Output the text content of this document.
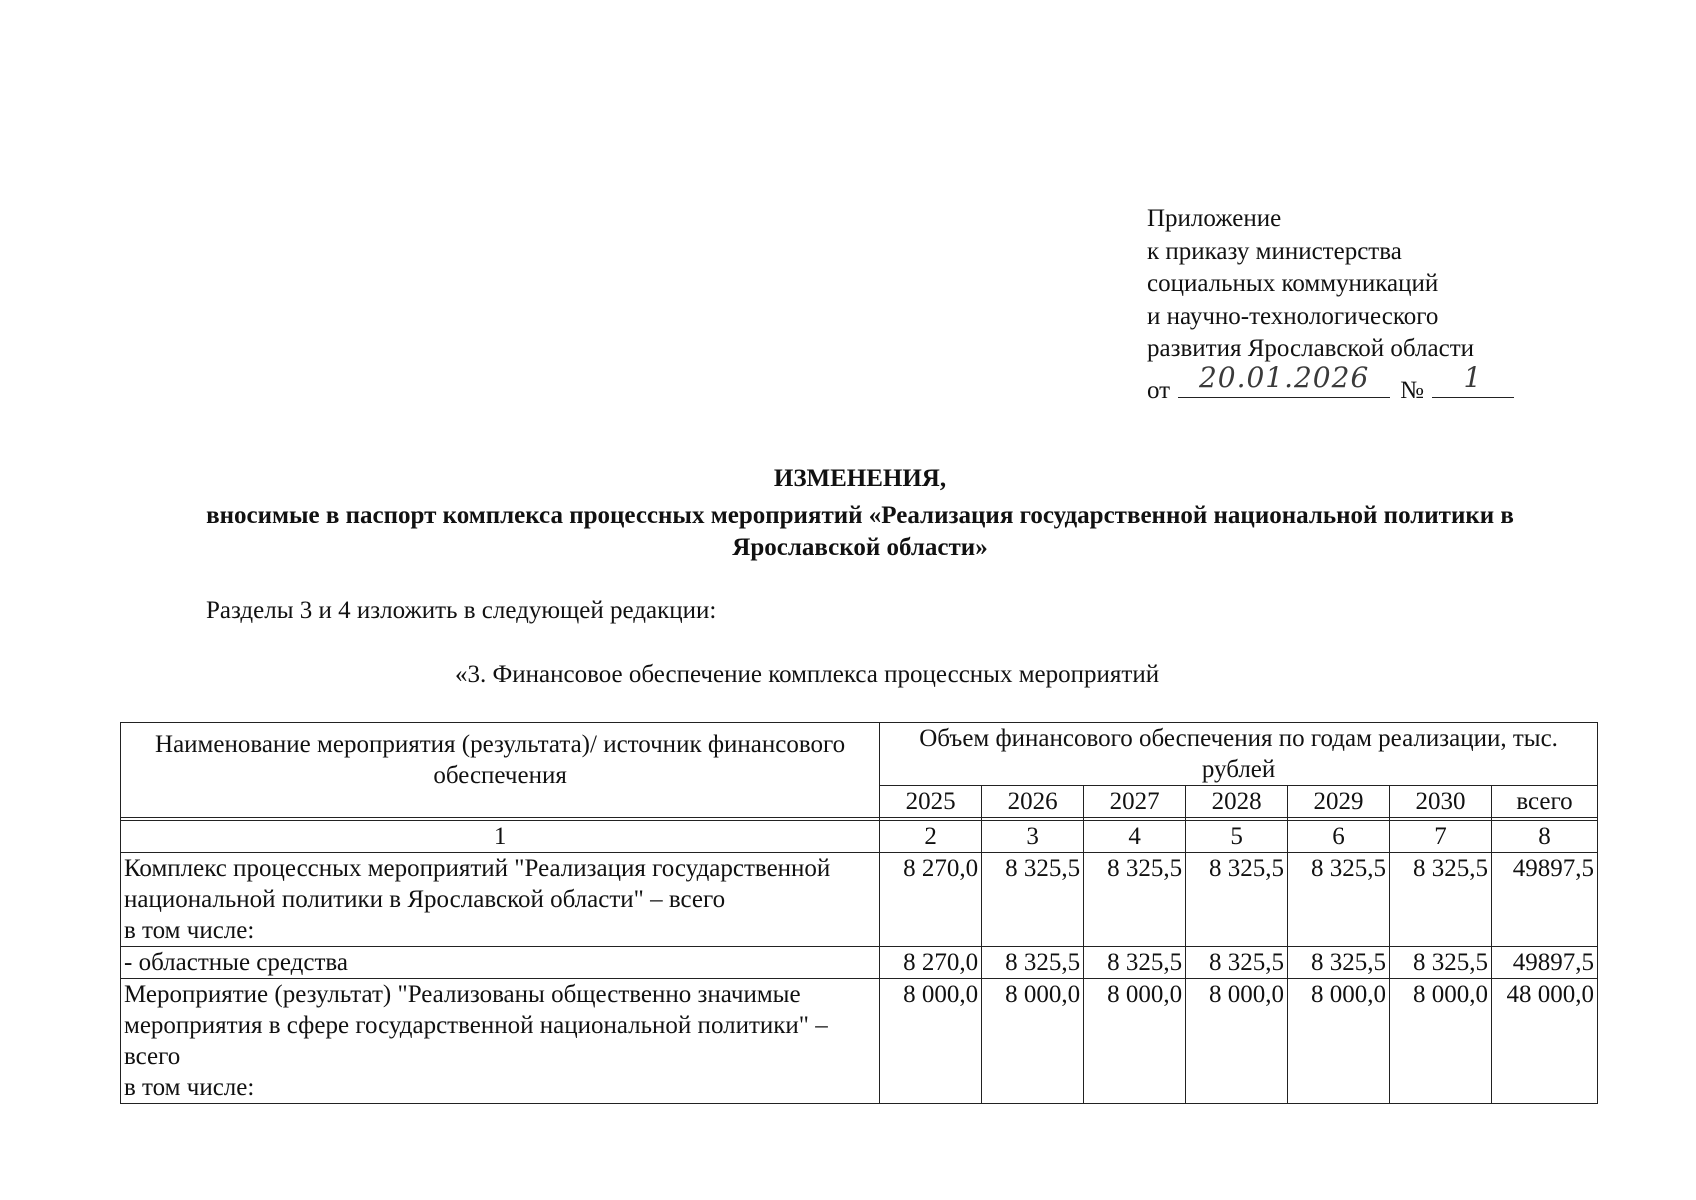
Приложение
к приказу министерства
социальных коммуникаций
и научно-технологического
развития Ярославской области
от	20.01.2026	№	1
ИЗМЕНЕНИЯ,
вносимые в паспорт комплекса процессных мероприятий «Реализация государственной национальной политики в
Ярославской области»
Разделы 3 и 4 изложить в следующей редакции:
«3. Финансовое обеспечение комплекса процессных мероприятий
Наименование мероприятия (результата)/ источник финансового обеспечения	Объем финансового обеспечения по годам реализации, тыс. рублей						
	2025	2026	2027	2028	2029	2030	всего

1	2	3	4	5	6	7	8
Комплекс процессных мероприятий "Реализация государственной национальной политики в Ярославской области" – всего
в том числе:	8 270,0	8 325,5	8 325,5	8 325,5	8 325,5	8 325,5	49897,5
- областные средства	8 270,0	8 325,5	8 325,5	8 325,5	8 325,5	8 325,5	49897,5
Мероприятие (результат) "Реализованы общественно значимые мероприятия в сфере государственной национальной политики" – всего
в том числе:	8 000,0	8 000,0	8 000,0	8 000,0	8 000,0	8 000,0	48 000,0
